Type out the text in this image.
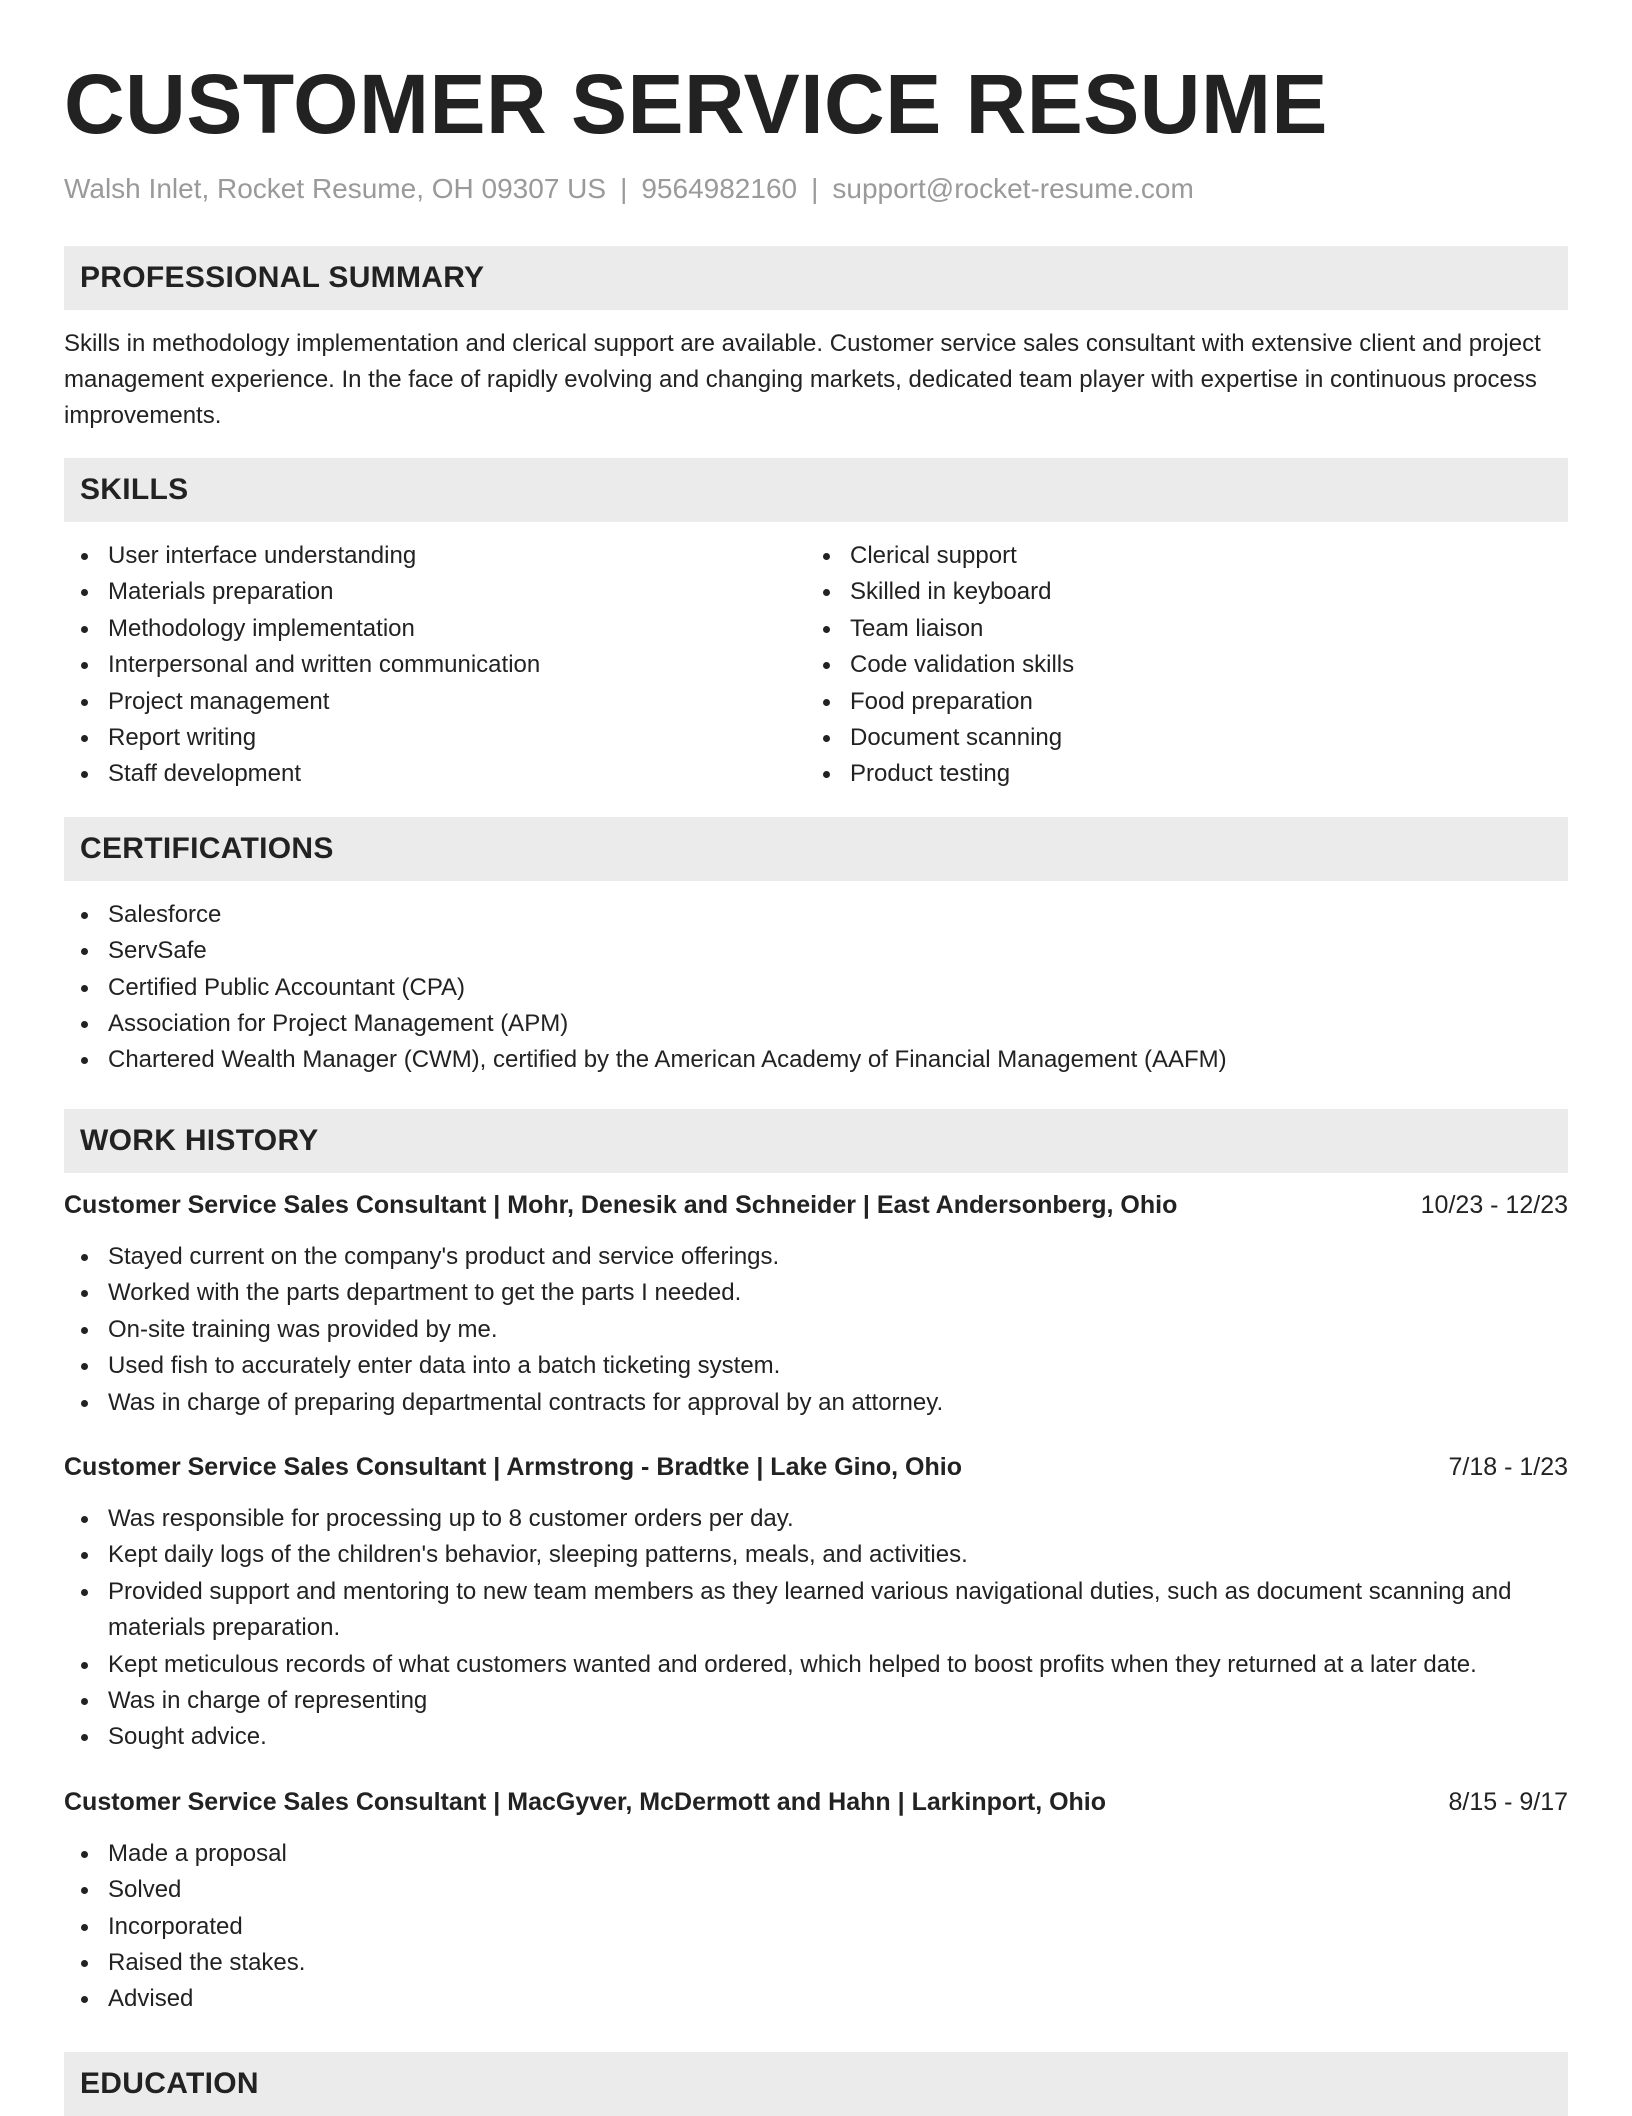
CUSTOMER SERVICE RESUME
Walsh Inlet, Rocket Resume, OH 09307 US | 9564982160 | support@rocket-resume.com
PROFESSIONAL SUMMARY

Skills in methodology implementation and clerical support are available. Customer service sales consultant with extensive client and project management experience. In the face of rapidly evolving and changing markets, dedicated team player with expertise in continuous process improvements.

SKILLS
User interface understanding
Materials preparation
Methodology implementation
Interpersonal and written communication
Project management
Report writing
Staff development
Clerical support
Skilled in keyboard
Team liaison
Code validation skills
Food preparation
Document scanning
Product testing
CERTIFICATIONS
Salesforce
ServSafe
Certified Public Accountant (CPA)
Association for Project Management (APM)
Chartered Wealth Manager (CWM), certified by the American Academy of Financial Management (AAFM)
WORK HISTORY
Customer Service Sales Consultant | Mohr, Denesik and Schneider | East Andersonberg, Ohio	10/23 - 12/23
Stayed current on the company's product and service offerings.
Worked with the parts department to get the parts I needed.
On-site training was provided by me.
Used fish to accurately enter data into a batch ticketing system.
Was in charge of preparing departmental contracts for approval by an attorney.
Customer Service Sales Consultant | Armstrong - Bradtke | Lake Gino, Ohio	7/18 - 1/23
Was responsible for processing up to 8 customer orders per day.
Kept daily logs of the children's behavior, sleeping patterns, meals, and activities.
Provided support and mentoring to new team members as they learned various navigational duties, such as document scanning and materials preparation.
Kept meticulous records of what customers wanted and ordered, which helped to boost profits when they returned at a later date.
Was in charge of representing
Sought advice.
Customer Service Sales Consultant | MacGyver, McDermott and Hahn | Larkinport, Ohio	8/15 - 9/17
Made a proposal
Solved
Incorporated
Raised the stakes.
Advised
EDUCATION
